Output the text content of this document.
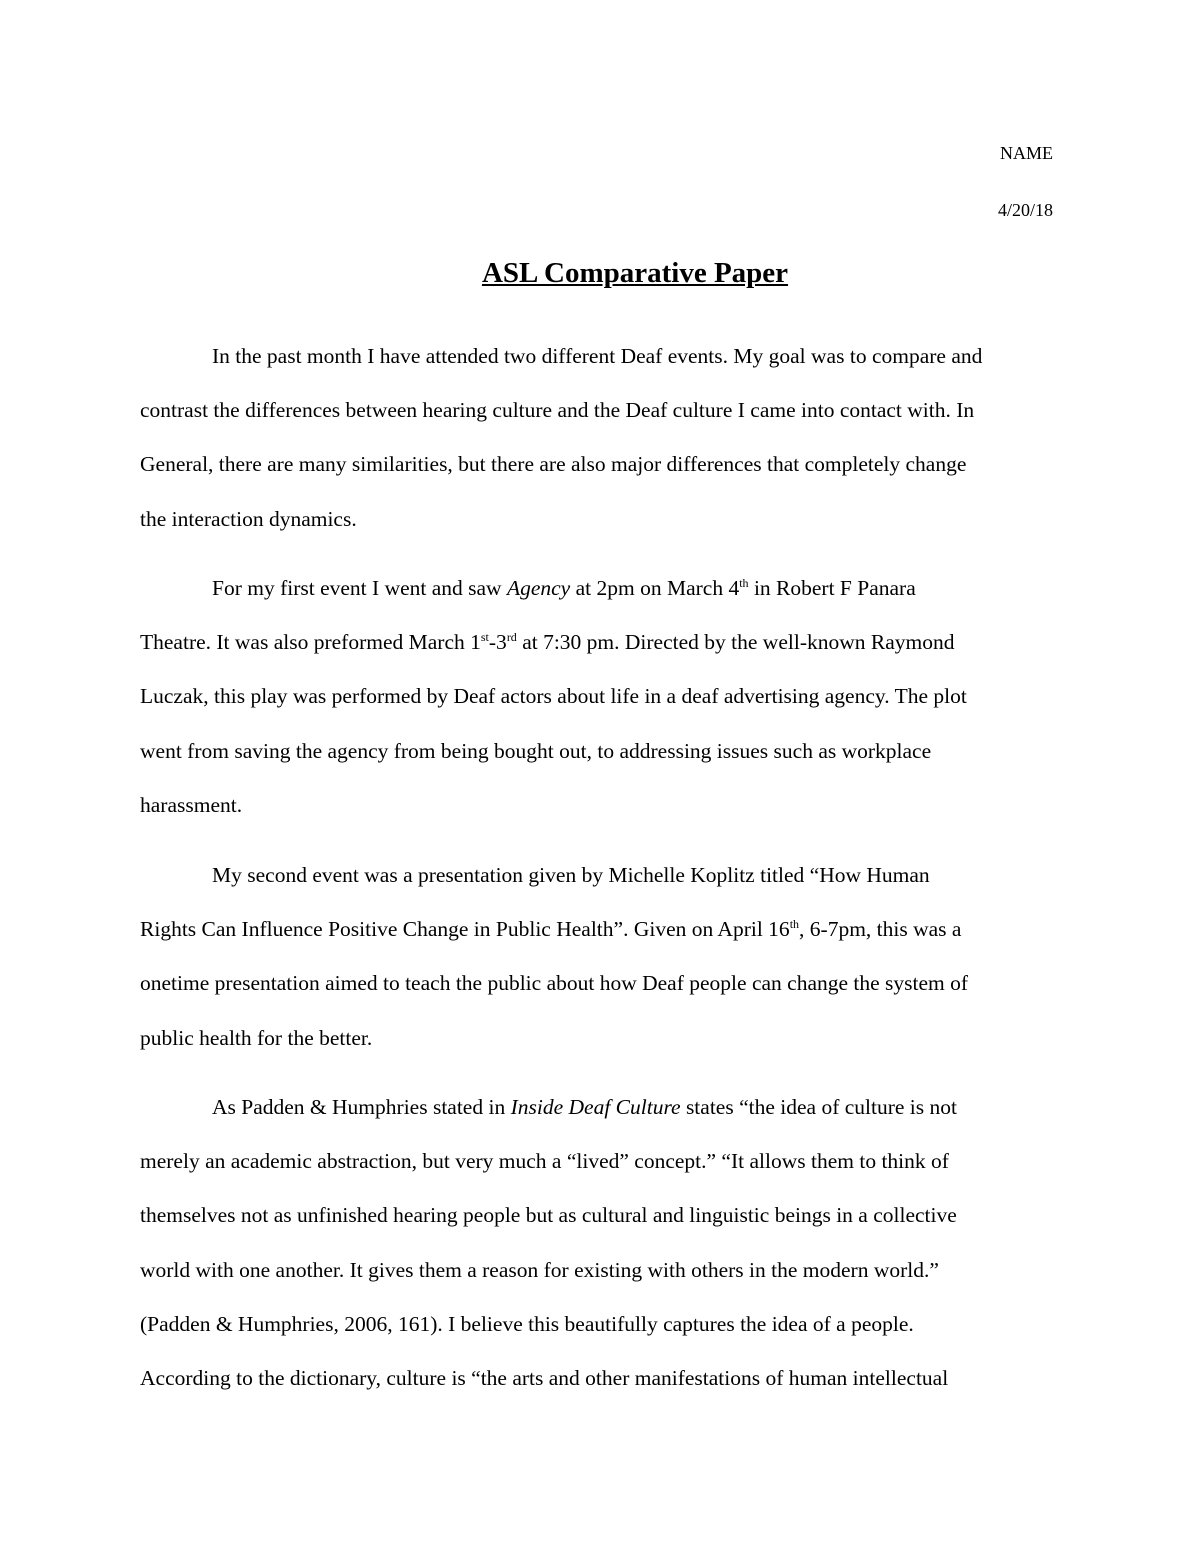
NAME
4/20/18
ASL Comparative Paper

In the past month I have attended two different Deaf events. My goal was to compare and

contrast the differences between hearing culture and the Deaf culture I came into contact with. In
General, there are many similarities, but there are also major differences that completely change
the interaction dynamics.

For my first event I went and saw Agency at 2pm on March 4th in Robert F Panara

Theatre. It was also preformed March 1st-3rd at 7:30 pm. Directed by the well-known Raymond
Luczak, this play was performed by Deaf actors about life in a deaf advertising agency. The plot
went from saving the agency from being bought out, to addressing issues such as workplace
harassment.

My second event was a presentation given by Michelle Koplitz titled “How Human

Rights Can Influence Positive Change in Public Health”. Given on April 16th, 6-7pm, this was a
onetime presentation aimed to teach the public about how Deaf people can change the system of
public health for the better.

As Padden & Humphries stated in Inside Deaf Culture states “the idea of culture is not

merely an academic abstraction, but very much a “lived” concept.” “It allows them to think of
themselves not as unfinished hearing people but as cultural and linguistic beings in a collective
world with one another. It gives them a reason for existing with others in the modern world.”
(Padden & Humphries, 2006, 161). I believe this beautifully captures the idea of a people.
According to the dictionary, culture is “the arts and other manifestations of human intellectual
